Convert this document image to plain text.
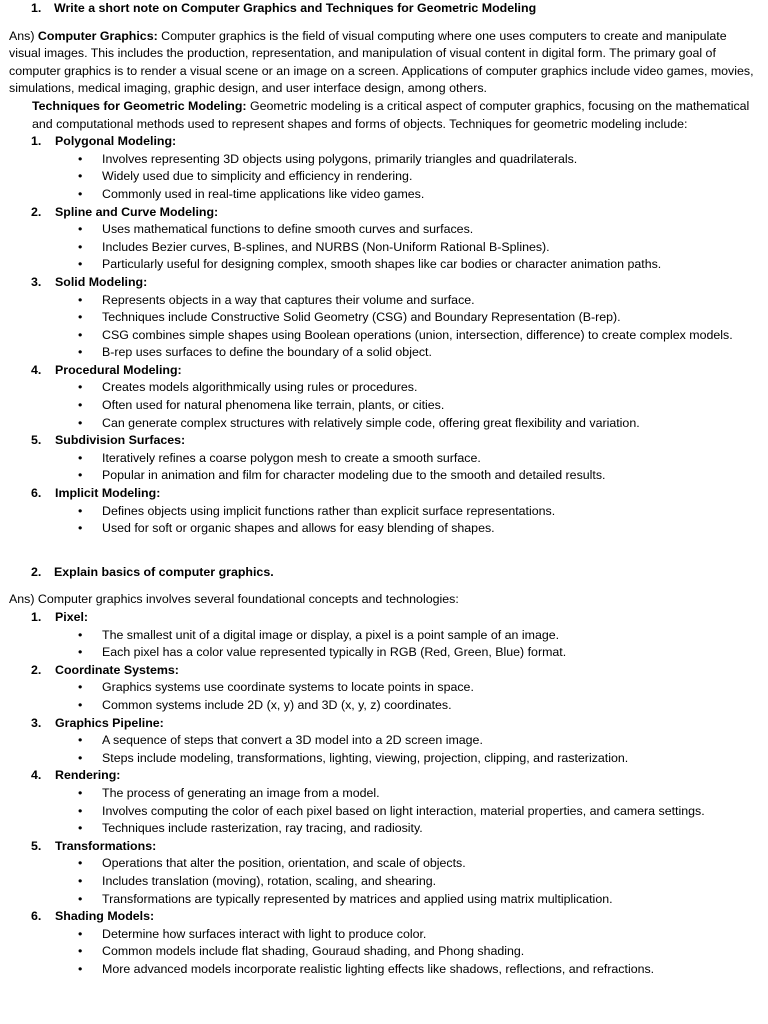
1. Write a short note on Computer Graphics and Techniques for Geometric Modeling

Ans) Computer Graphics: Computer graphics is the field of visual computing where one uses computers to create and manipulate visual images. This includes the production, representation, and manipulation of visual content in digital form. The primary goal of computer graphics is to render a visual scene or an image on a screen. Applications of computer graphics include video games, movies, simulations, medical imaging, graphic design, and user interface design, among others.

Techniques for Geometric Modeling: Geometric modeling is a critical aspect of computer graphics, focusing on the mathematical and computational methods used to represent shapes and forms of objects. Techniques for geometric modeling include:

1. Polygonal Modeling:
• Involves representing 3D objects using polygons, primarily triangles and quadrilaterals.
• Widely used due to simplicity and efficiency in rendering.
• Commonly used in real-time applications like video games.
2. Spline and Curve Modeling:
• Uses mathematical functions to define smooth curves and surfaces.
• Includes Bezier curves, B-splines, and NURBS (Non-Uniform Rational B-Splines).
• Particularly useful for designing complex, smooth shapes like car bodies or character animation paths.
3. Solid Modeling:
• Represents objects in a way that captures their volume and surface.
• Techniques include Constructive Solid Geometry (CSG) and Boundary Representation (B-rep).
• CSG combines simple shapes using Boolean operations (union, intersection, difference) to create complex models.
• B-rep uses surfaces to define the boundary of a solid object.
4. Procedural Modeling:
• Creates models algorithmically using rules or procedures.
• Often used for natural phenomena like terrain, plants, or cities.
• Can generate complex structures with relatively simple code, offering great flexibility and variation.
5. Subdivision Surfaces:
• Iteratively refines a coarse polygon mesh to create a smooth surface.
• Popular in animation and film for character modeling due to the smooth and detailed results.
6. Implicit Modeling:
• Defines objects using implicit functions rather than explicit surface representations.
• Used for soft or organic shapes and allows for easy blending of shapes.
2. Explain basics of computer graphics.

Ans) Computer graphics involves several foundational concepts and technologies:

1. Pixel:
• The smallest unit of a digital image or display, a pixel is a point sample of an image.
• Each pixel has a color value represented typically in RGB (Red, Green, Blue) format.
2. Coordinate Systems:
• Graphics systems use coordinate systems to locate points in space.
• Common systems include 2D (x, y) and 3D (x, y, z) coordinates.
3. Graphics Pipeline:
• A sequence of steps that convert a 3D model into a 2D screen image.
• Steps include modeling, transformations, lighting, viewing, projection, clipping, and rasterization.
4. Rendering:
• The process of generating an image from a model.
• Involves computing the color of each pixel based on light interaction, material properties, and camera settings.
• Techniques include rasterization, ray tracing, and radiosity.
5. Transformations:
• Operations that alter the position, orientation, and scale of objects.
• Includes translation (moving), rotation, scaling, and shearing.
• Transformations are typically represented by matrices and applied using matrix multiplication.
6. Shading Models:
• Determine how surfaces interact with light to produce color.
• Common models include flat shading, Gouraud shading, and Phong shading.
• More advanced models incorporate realistic lighting effects like shadows, reflections, and refractions.
